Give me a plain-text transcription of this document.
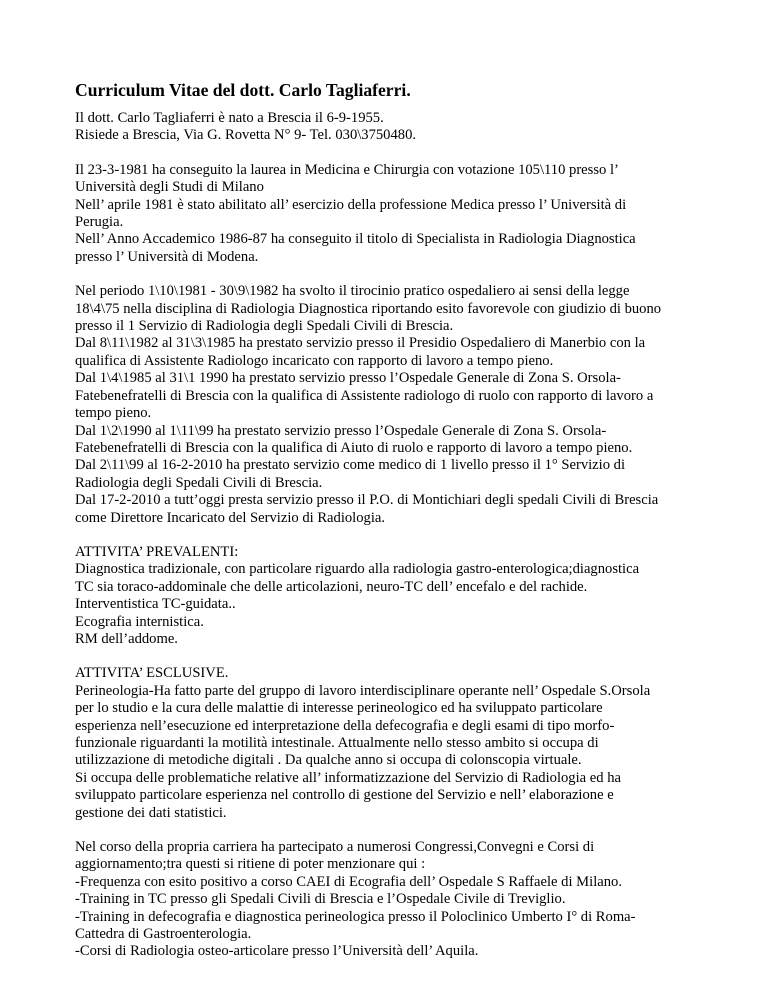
Curriculum Vitae del dott. Carlo Tagliaferri.
Il dott. Carlo Tagliaferri è nato a Brescia il 6-9-1955.
Risiede a Brescia, Via G. Rovetta N° 9- Tel. 030\3750480.
Il 23-3-1981 ha conseguito la laurea in Medicina e Chirurgia con votazione 105\110 presso l’
Università degli Studi di Milano
Nell’ aprile 1981 è stato abilitato all’ esercizio della professione Medica presso l’ Università di
Perugia.
Nell’ Anno Accademico 1986-87 ha conseguito il titolo di Specialista in Radiologia Diagnostica
presso l’ Università di Modena.
Nel periodo 1\10\1981 - 30\9\1982 ha svolto il tirocinio pratico ospedaliero ai sensi della legge
18\4\75 nella disciplina di Radiologia Diagnostica riportando esito favorevole con giudizio di buono
presso il 1 Servizio di Radiologia degli Spedali Civili di Brescia.
Dal 8\11\1982 al 31\3\1985 ha prestato servizio presso il Presidio Ospedaliero di Manerbio con la
qualifica di Assistente Radiologo incaricato con rapporto di lavoro a tempo pieno.
Dal 1\4\1985 al 31\1 1990 ha prestato servizio presso l’Ospedale Generale di Zona S. Orsola-
Fatebenefratelli di Brescia con la qualifica di Assistente radiologo di ruolo con rapporto di lavoro a
tempo pieno.
Dal 1\2\1990 al 1\11\99 ha prestato servizio presso l’Ospedale Generale di Zona S. Orsola-
Fatebenefratelli di Brescia con la qualifica di Aiuto di ruolo e rapporto di lavoro a tempo pieno.
Dal 2\11\99 al 16-2-2010 ha prestato servizio come medico di 1 livello presso il 1° Servizio di
Radiologia degli Spedali Civili di Brescia.
Dal 17-2-2010 a tutt’oggi presta servizio presso il P.O. di Montichiari degli spedali Civili di Brescia
come Direttore Incaricato del Servizio di Radiologia.
ATTIVITA’ PREVALENTI:
Diagnostica tradizionale, con particolare riguardo alla radiologia gastro-enterologica;diagnostica
TC sia toraco-addominale che delle articolazioni, neuro-TC dell’ encefalo e del rachide.
Interventistica TC-guidata..
Ecografia internistica.
RM dell’addome.
ATTIVITA’ ESCLUSIVE.
Perineologia-Ha fatto parte del gruppo di lavoro interdisciplinare operante nell’ Ospedale S.Orsola
per lo studio e la cura delle malattie di interesse perineologico ed ha sviluppato particolare
esperienza nell’esecuzione ed interpretazione della defecografia e degli esami di tipo morfo-
funzionale riguardanti la motilità intestinale. Attualmente nello stesso ambito si occupa di
utilizzazione di metodiche digitali . Da qualche anno si occupa di colonscopia virtuale.
Si occupa delle problematiche relative all’ informatizzazione del Servizio di Radiologia ed ha
sviluppato particolare esperienza nel controllo di gestione del Servizio e nell’ elaborazione e
gestione dei dati statistici.
Nel corso della propria carriera ha partecipato a numerosi Congressi,Convegni e Corsi di
aggiornamento;tra questi si ritiene di poter menzionare qui :
-Frequenza con esito positivo a corso CAEI di Ecografia dell’ Ospedale S Raffaele di Milano.
-Training in TC presso gli Spedali Civili di Brescia e l’Ospedale Civile di Treviglio.
-Training in defecografia e diagnostica perineologica presso il Poloclinico Umberto I° di Roma-
Cattedra di Gastroenterologia.
-Corsi di Radiologia osteo-articolare presso l’Università dell’ Aquila.
